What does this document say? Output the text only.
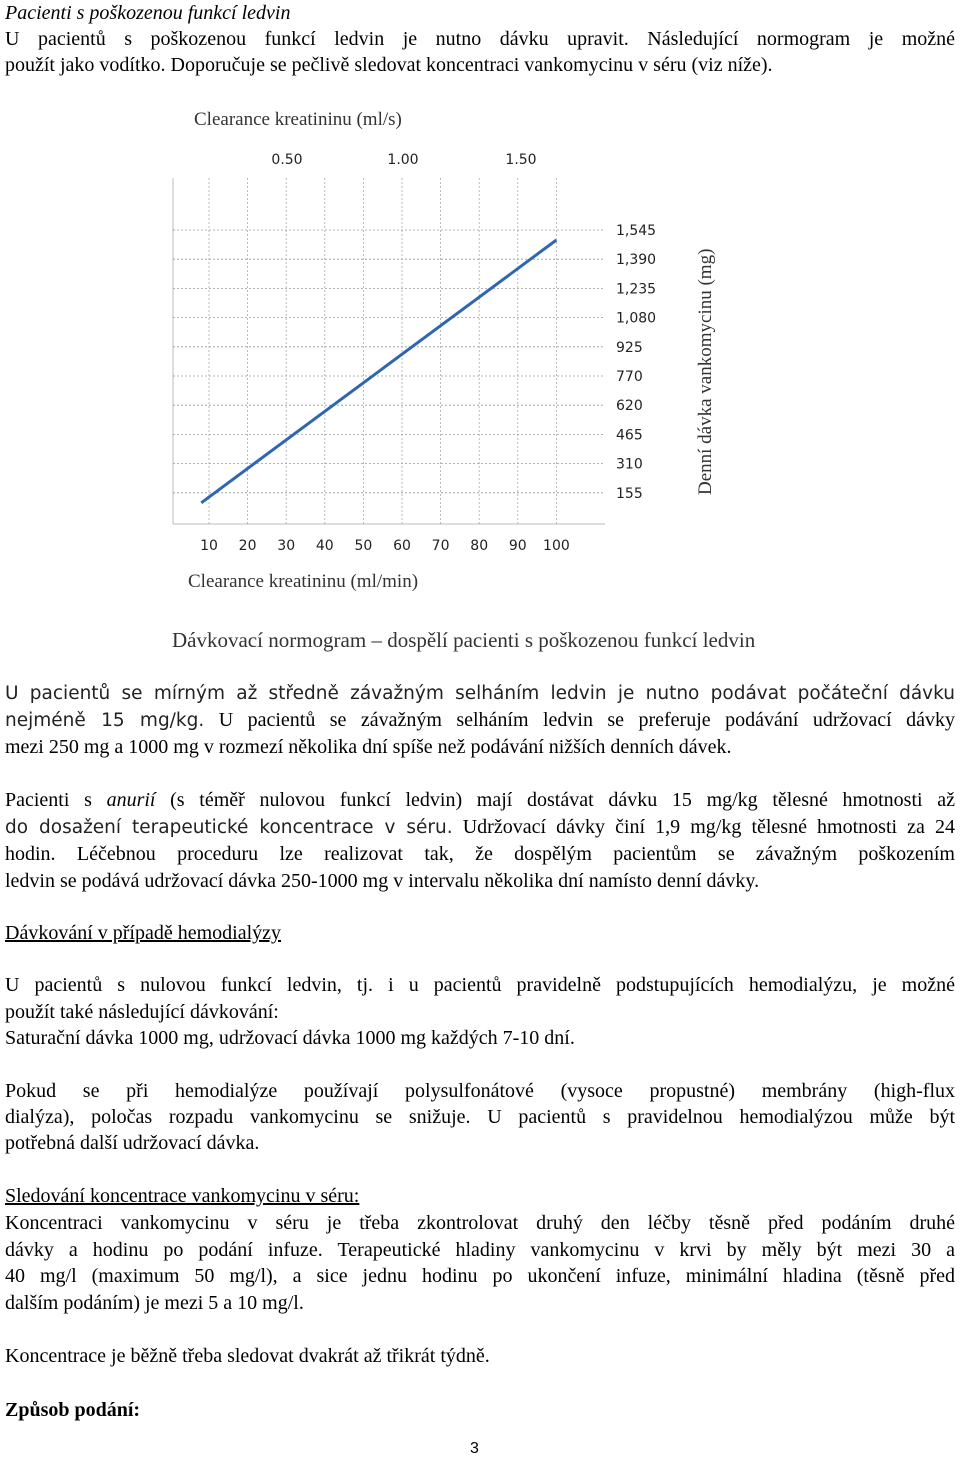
Pacienti s poškozenou funkcí ledvin
U pacientů s poškozenou funkcí ledvin je nutno dávku upravit. Následující normogram je možné
použít jako vodítko. Doporučuje se pečlivě sledovat koncentraci vankomycinu v séru (viz níže).
Clearance kreatininu (ml/s)
Clearance kreatininu (ml/min)
Denní dávka vankomycinu (mg)
1,545
1,390
1,235
1,080
925
770
620
465
310
155
10 20 30 40 50 60 70 80 90 100
0.50	1.00	1.50
Dávkovací normogram – dospělí pacienti s poškozenou funkcí ledvin
U pacientů se mírným až středně závažným selháním ledvin je nutno podávat počáteční dávku
nejméně 15 mg/kg. U pacientů se závažným selháním ledvin se preferuje podávání udržovací dávky
mezi 250 mg a 1000 mg v rozmezí několika dní spíše než podávání nižších denních dávek.
Pacienti s anurií (s téměř nulovou funkcí ledvin) mají dostávat dávku 15 mg/kg tělesné hmotnosti až
do dosažení terapeutické koncentrace v séru. Udržovací dávky činí 1,9 mg/kg tělesné hmotnosti za 24
hodin. Léčebnou proceduru lze realizovat tak, že dospělým pacientům se závažným poškozením
ledvin se podává udržovací dávka 250-1000 mg v intervalu několika dní namísto denní dávky.
Dávkování v případě hemodialýzy
U pacientů s nulovou funkcí ledvin, tj. i u pacientů pravidelně podstupujících hemodialýzu, je možné
použít také následující dávkování:
Saturační dávka 1000 mg, udržovací dávka 1000 mg každých 7-10 dní.
Pokud se při hemodialýze používají polysulfonátové (vysoce propustné) membrány (high-flux
dialýza), poločas rozpadu vankomycinu se snižuje. U pacientů s pravidelnou hemodialýzou může být
potřebná další udržovací dávka.
Sledování koncentrace vankomycinu v séru:
Koncentraci vankomycinu v séru je třeba zkontrolovat druhý den léčby těsně před podáním druhé
dávky a hodinu po podání infuze. Terapeutické hladiny vankomycinu v krvi by měly být mezi 30 a
40 mg/l (maximum 50 mg/l), a sice jednu hodinu po ukončení infuze, minimální hladina (těsně před
dalším podáním) je mezi 5 a 10 mg/l.
Koncentrace je běžně třeba sledovat dvakrát až třikrát týdně.
Způsob podání:
3
